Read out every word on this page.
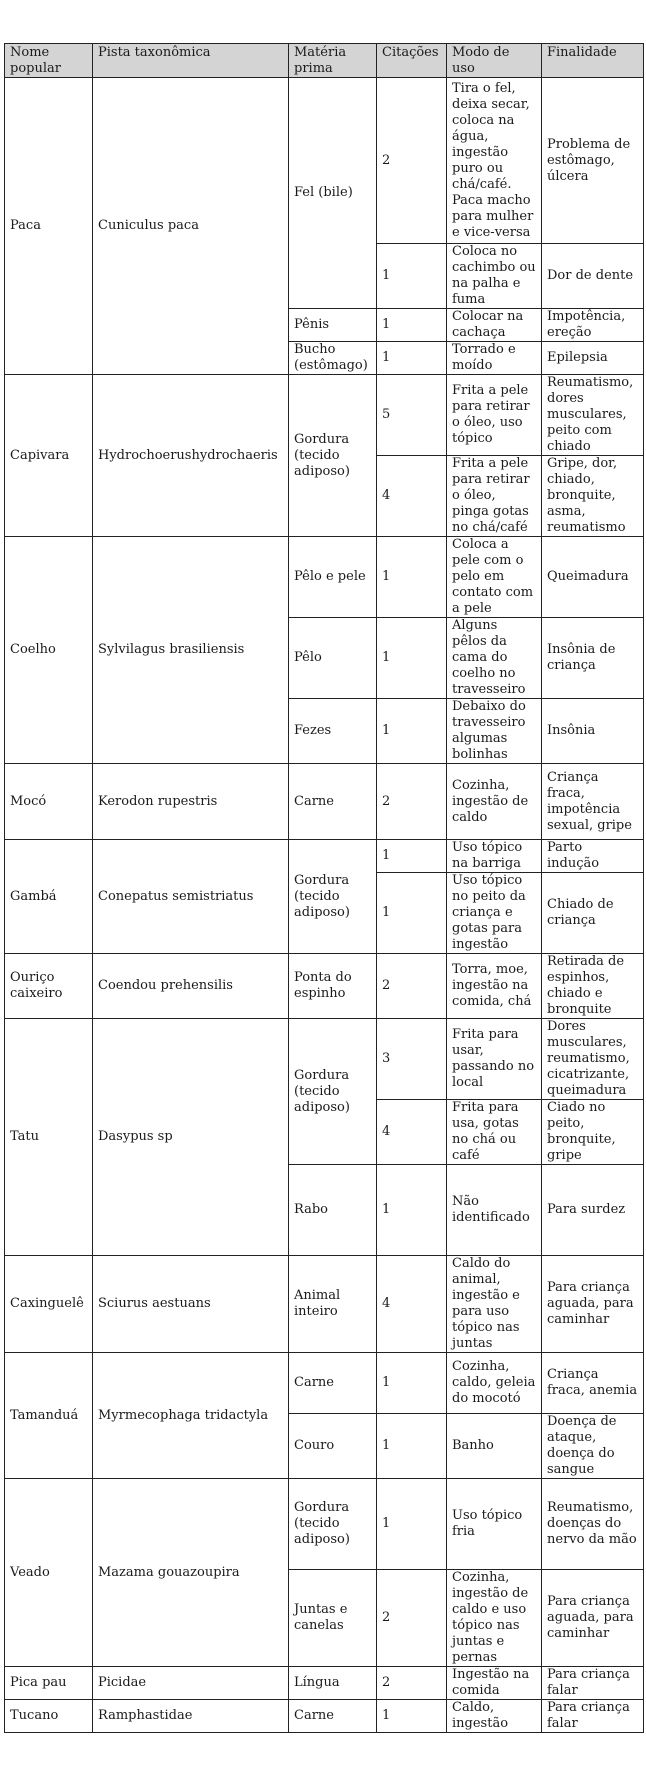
Nome popular	Pista taxonômica	Matéria prima	Citações	Modo de uso	Finalidade
Paca	Cuniculus paca	Fel (bile)	2	Tira o fel, deixa secar, coloca na água, ingestão puro ou chá/café. Paca macho para mulher e vice-versa	Problema de estômago, úlcera
			1	Coloca no cachimbo ou na palha e fuma	Dor de dente
		Pênis	1	Colocar na cachaça	Impotência, ereção
		Bucho (estômago)	1	Torrado e moído	Epilepsia
Capivara	Hydrochoerushydrochaeris	Gordura (tecido adiposo)	5	Frita a pele para retirar o óleo, uso tópico	Reumatismo, dores musculares, peito com chiado
			4	Frita a pele para retirar o óleo, pinga gotas no chá/café	Gripe, dor, chiado, bronquite, asma, reumatismo
Coelho	Sylvilagus brasiliensis	Pêlo e pele	1	Coloca a pele com o pelo em contato com a pele	Queimadura
		Pêlo	1	Alguns pêlos da cama do coelho no travesseiro	Insônia de criança
		Fezes	1	Debaixo do travesseiro algumas bolinhas	Insônia
Mocó	Kerodon rupestris	Carne	2	Cozinha, ingestão de caldo	Criança fraca, impotência sexual, gripe
Gambá	Conepatus semistriatus	Gordura (tecido adiposo)	1	Uso tópico na barriga	Parto indução
			1	Uso tópico no peito da criança e gotas para ingestão	Chiado de criança
Ouriço caixeiro	Coendou prehensilis	Ponta do espinho	2	Torra, moe, ingestão na comida, chá	Retirada de espinhos, chiado e bronquite
Tatu	Dasypus sp	Gordura (tecido adiposo)	3	Frita para usar, passando no local	Dores musculares, reumatismo, cicatrizante, queimadura
			4	Frita para usa, gotas no chá ou café	Ciado no peito, bronquite, gripe
		Rabo	1	Não identificado	Para surdez
Caxinguelê	Sciurus aestuans	Animal inteiro	4	Caldo do animal, ingestão e para uso tópico nas juntas	Para criança aguada, para caminhar
Tamanduá	Myrmecophaga tridactyla	Carne	1	Cozinha, caldo, geleia do mocotó	Criança fraca, anemia
		Couro	1	Banho	Doença de ataque, doença do sangue
Veado	Mazama gouazoupira	Gordura (tecido adiposo)	1	Uso tópico fria	Reumatismo, doenças do nervo da mão
		Juntas e canelas	2	Cozinha, ingestão de caldo e uso tópico nas juntas e pernas	Para criança aguada, para caminhar
Pica pau	Picidae	Língua	2	Ingestão na comida	Para criança falar
Tucano	Ramphastidae	Carne	1	Caldo, ingestão	Para criança falar
